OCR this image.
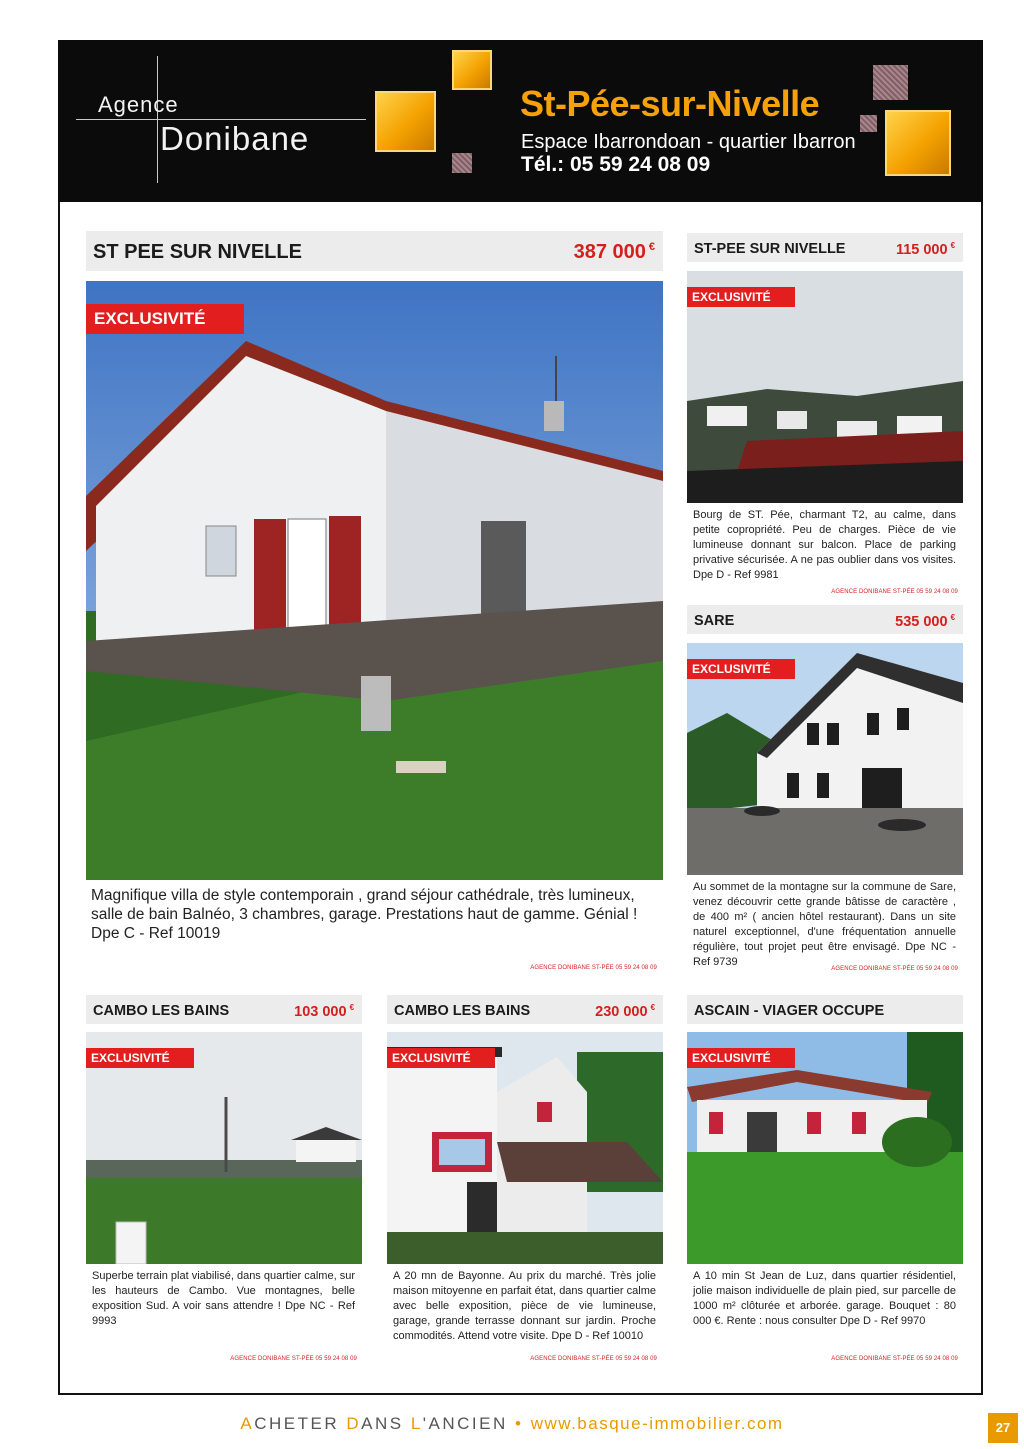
Agence
Donibane
St-Pée-sur-Nivelle
Espace Ibarrondoan - quartier Ibarron
Tél.: 05 59 24 08 09
ST PEE SUR NIVELLE	387 000 €
EXCLUSIVITÉ
Magnifique villa de style contemporain , grand séjour cathédrale, très lumineux, salle de bain Balnéo, 3 chambres, garage. Prestations haut de gamme. Génial ! Dpe C - Ref 10019
AGENCE DONIBANE ST-PÉE 05 59 24 08 09
ST-PEE SUR NIVELLE	115 000 €
EXCLUSIVITÉ
Bourg de ST. Pée, charmant T2, au calme, dans petite copropriété. Peu de charges. Pièce de vie lumineuse donnant sur balcon. Place de parking privative sécurisée. A ne pas oublier dans vos visites. Dpe D - Ref 9981
AGENCE DONIBANE ST-PÉE 05 59 24 08 09
SARE	535 000 €
EXCLUSIVITÉ
Au sommet de la montagne sur la commune de Sare, venez découvrir cette grande bâtisse de caractère , de 400 m² ( ancien hôtel restaurant). Dans un site naturel exceptionnel, d'une fréquentation annuelle régulière, tout projet peut être envisagé. Dpe NC - Ref 9739
AGENCE DONIBANE ST-PÉE 05 59 24 08 09
CAMBO LES BAINS	103 000 €
EXCLUSIVITÉ
Superbe terrain plat viabilisé, dans quartier calme, sur les hauteurs de Cambo. Vue montagnes, belle exposition Sud. A voir sans attendre ! Dpe NC - Ref 9993
AGENCE DONIBANE ST-PÉE 05 59 24 08 09
CAMBO LES BAINS	230 000 €
EXCLUSIVITÉ
A 20 mn de Bayonne. Au prix du marché. Très jolie maison mitoyenne en parfait état, dans quartier calme avec belle exposition, pièce de vie lumineuse, garage, grande terrasse donnant sur jardin. Proche commodités. Attend votre visite. Dpe D - Ref 10010
AGENCE DONIBANE ST-PÉE 05 59 24 08 09
ASCAIN - VIAGER OCCUPE
EXCLUSIVITÉ
A 10 min St Jean de Luz, dans quartier résidentiel, jolie maison individuelle de plain pied, sur parcelle de 1000 m² clôturée et arborée. garage. Bouquet : 80 000 €. Rente : nous consulter Dpe D - Ref 9970
AGENCE DONIBANE ST-PÉE 05 59 24 08 09
ACHETER DANS L'ANCIEN • www.basque-immobilier.com	27
